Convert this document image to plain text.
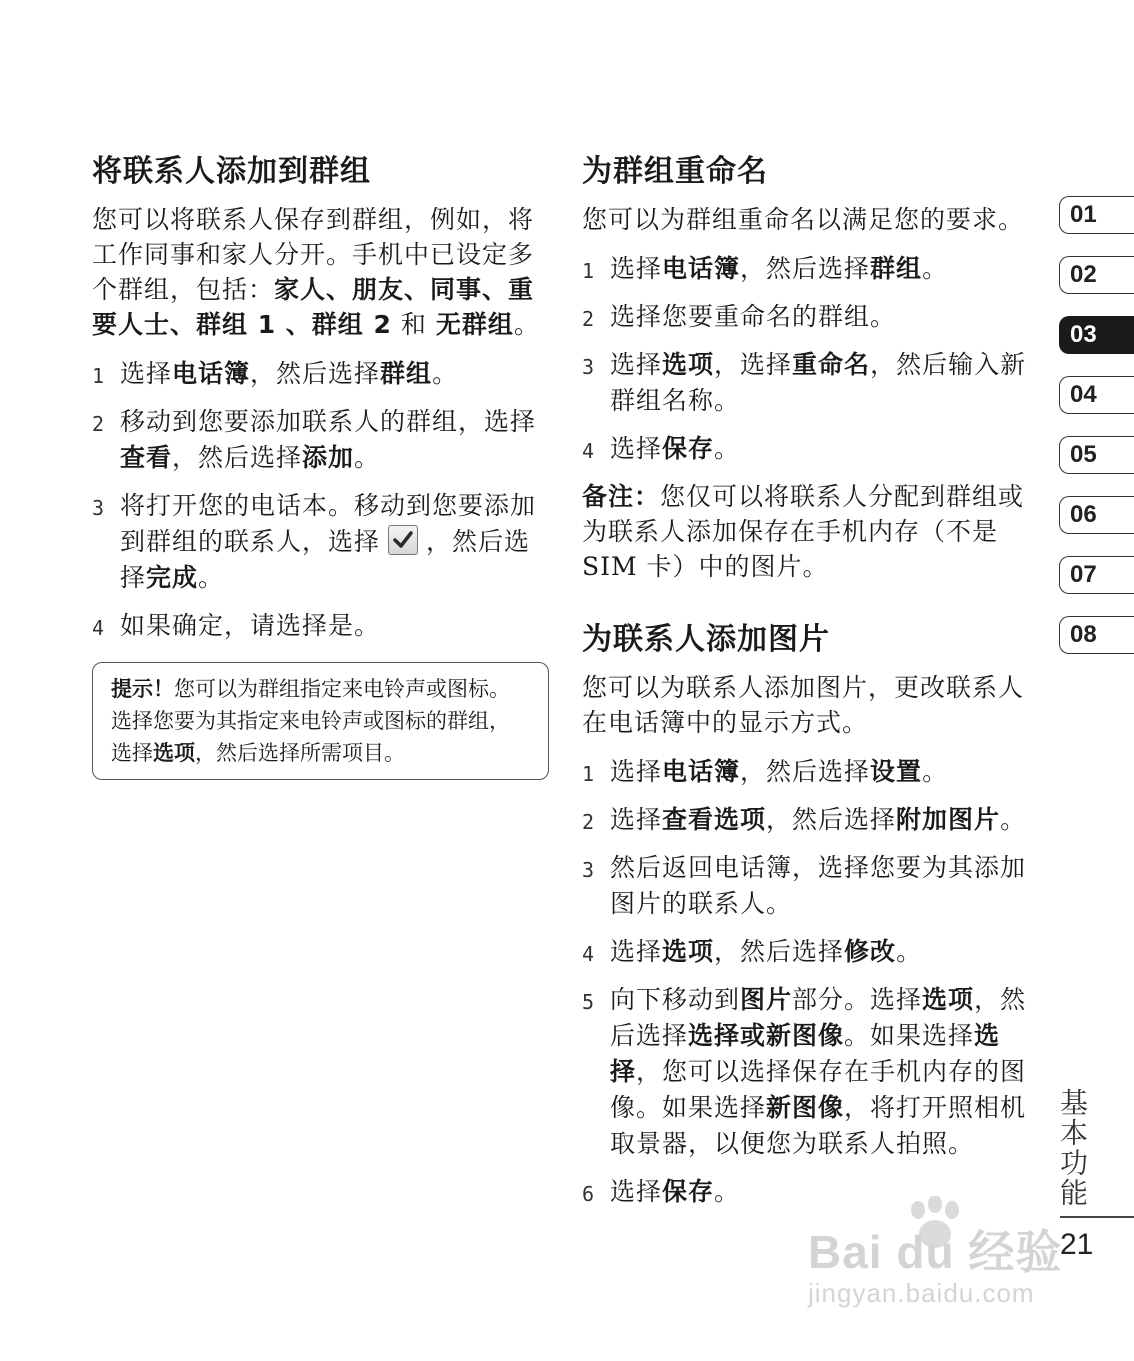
将联系人添加到群组

您可以将联系人保存到群组，例如，将工作同事和家人分开。手机中已设定多个群组，包括：家人、朋友、同事、重要人士、群组 1 、群组 2 和 无群组。

1 选择电话簿，然后选择群组。
2 移动到您要添加联系人的群组，选择查看，然后选择添加。
3 将打开您的电话本。移动到您要添加到群组的联系人，选择 ，然后选择完成。
4 如果确定，请选择是。

提示！您可以为群组指定来电铃声或图标。选择您要为其指定来电铃声或图标的群组，选择选项，然后选择所需项目。

为群组重命名

您可以为群组重命名以满足您的要求。

1 选择电话簿，然后选择群组。
2 选择您要重命名的群组。
3 选择选项，选择重命名，然后输入新群组名称。
4 选择保存。

备注：您仅可以将联系人分配到群组或为联系人添加保存在手机内存（不是 SIM 卡）中的图片。

为联系人添加图片

您可以为联系人添加图片，更改联系人在电话簿中的显示方式。

1 选择电话簿，然后选择设置。
2 选择查看选项，然后选择附加图片。
3 然后返回电话簿，选择您要为其添加图片的联系人。
4 选择选项，然后选择修改。
5 向下移动到图片部分。选择选项，然后选择选择或新图像。如果选择选择，您可以选择保存在手机内存的图像。如果选择新图像，将打开照相机取景器，以便您为联系人拍照。
6 选择保存。
01
02
03
04
05
06
07
08
基本功能
21
Bai du 经验
jingyan.baidu.com
